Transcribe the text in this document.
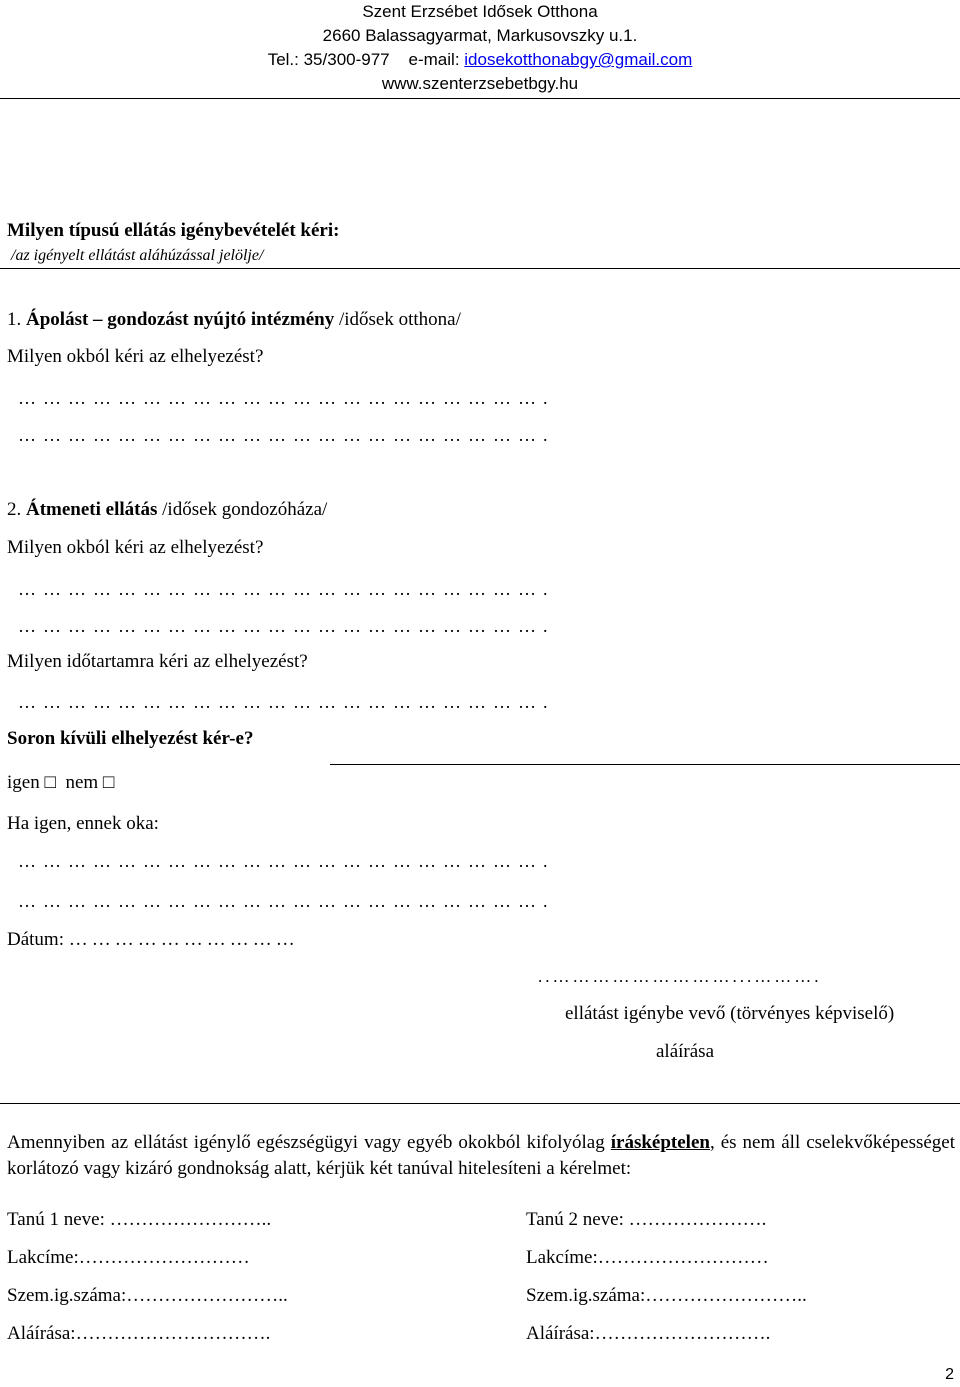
Szent Erzsébet Idősek Otthona
2660 Balassagyarmat, Markusovszky u.1.
Tel.: 35/300-977 e-mail: idosekotthonabgy@gmail.com
www.szenterzsebetbgy.hu
Milyen típusú ellátás igénybevételét kéri:
/az igényelt ellátást aláhúzással jelölje/
1. Ápolást – gondozást nyújtó intézmény /idősek otthona/
Milyen okból kéri az elhelyezést?
……………………………………………………….
……………………………………………………….
2. Átmeneti ellátás /idősek gondozóháza/
Milyen okból kéri az elhelyezést?
……………………………………………………….
……………………………………………………….
Milyen időtartamra kéri az elhelyezést?
……………………………………………………….
Soron kívüli elhelyezést kér-e?
igen □ nem □
Ha igen, ennek oka:
……………………………………………………….
……………………………………………………….
Dátum: …………………………
..………………………...……….
ellátást igénybe vevő (törvényes képviselő)
aláírása
Amennyiben az ellátást igénylő egészségügyi vagy egyéb okokból kifolyólag írásképtelen, és nem áll cselekvőképességet korlátozó vagy kizáró gondnokság alatt, kérjük két tanúval hitelesíteni a kérelmet:
Tanú 1 neve: ……………………..
Lakcíme:………………………
Szem.ig.száma:……………………..
Aláírása:………………………….
Tanú 2 neve: ………………….
Lakcíme:………………………
Szem.ig.száma:……………………..
Aláírása:……………………….
2
